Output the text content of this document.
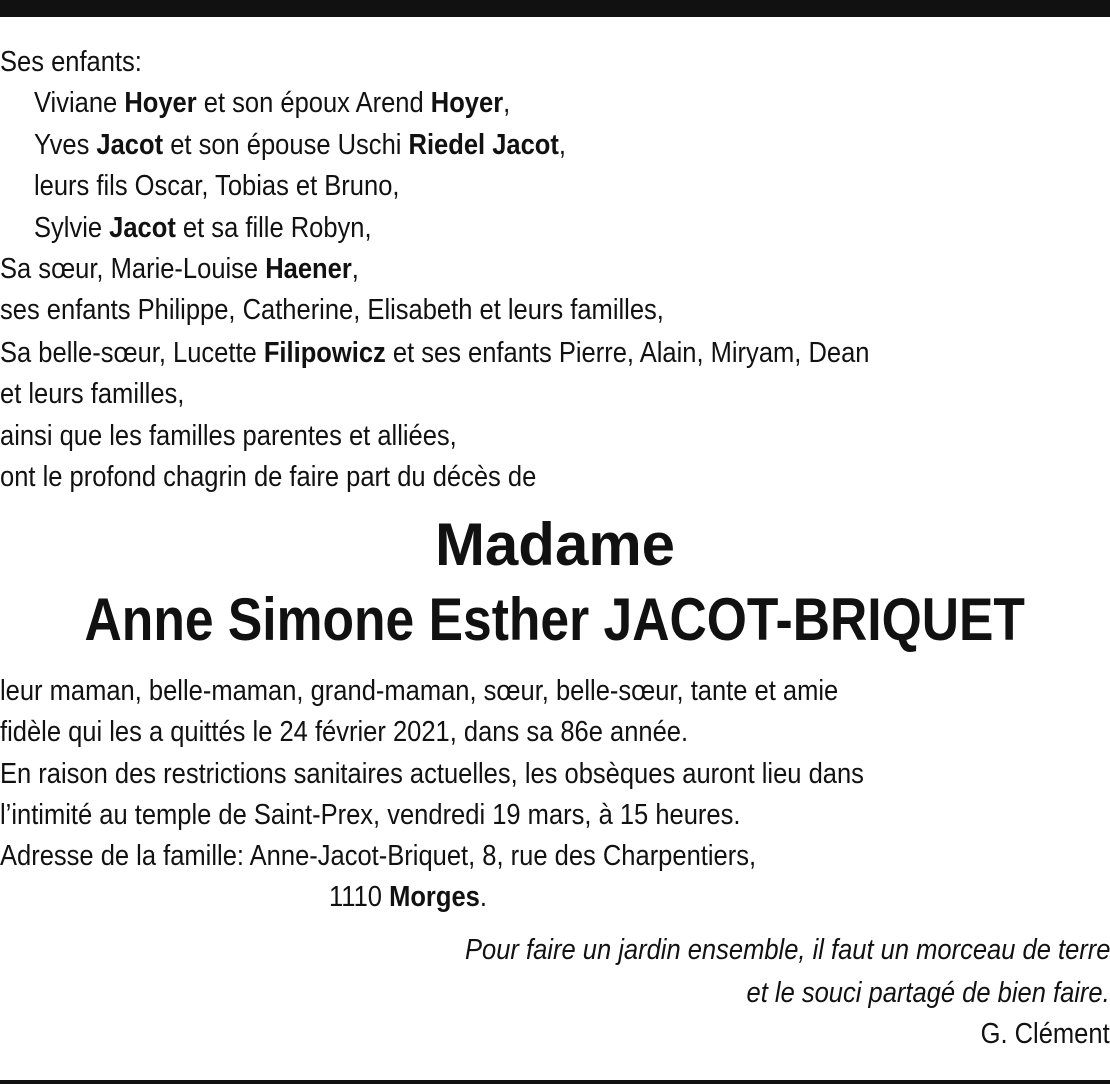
Ses enfants:
Viviane Hoyer et son époux Arend Hoyer,
Yves Jacot et son épouse Uschi Riedel Jacot,
leurs fils Oscar, Tobias et Bruno,
Sylvie Jacot et sa fille Robyn,
Sa sœur, Marie-Louise Haener,
ses enfants Philippe, Catherine, Elisabeth et leurs familles,
Sa belle-sœur, Lucette Filipowicz et ses enfants Pierre, Alain, Miryam, Dean
et leurs familles,
ainsi que les familles parentes et alliées,
ont le profond chagrin de faire part du décès de
Madame
Anne Simone Esther JACOT-BRIQUET
leur maman, belle-maman, grand-maman, sœur, belle-sœur, tante et amie
fidèle qui les a quittés le 24 février 2021, dans sa 86e année.
En raison des restrictions sanitaires actuelles, les obsèques auront lieu dans
l’intimité au temple de Saint-Prex, vendredi 19 mars, à 15 heures.
Adresse de la famille: Anne-Jacot-Briquet, 8, rue des Charpentiers,
1110 Morges.
Pour faire un jardin ensemble, il faut un morceau de terre
et le souci partagé de bien faire.
G. Clément
